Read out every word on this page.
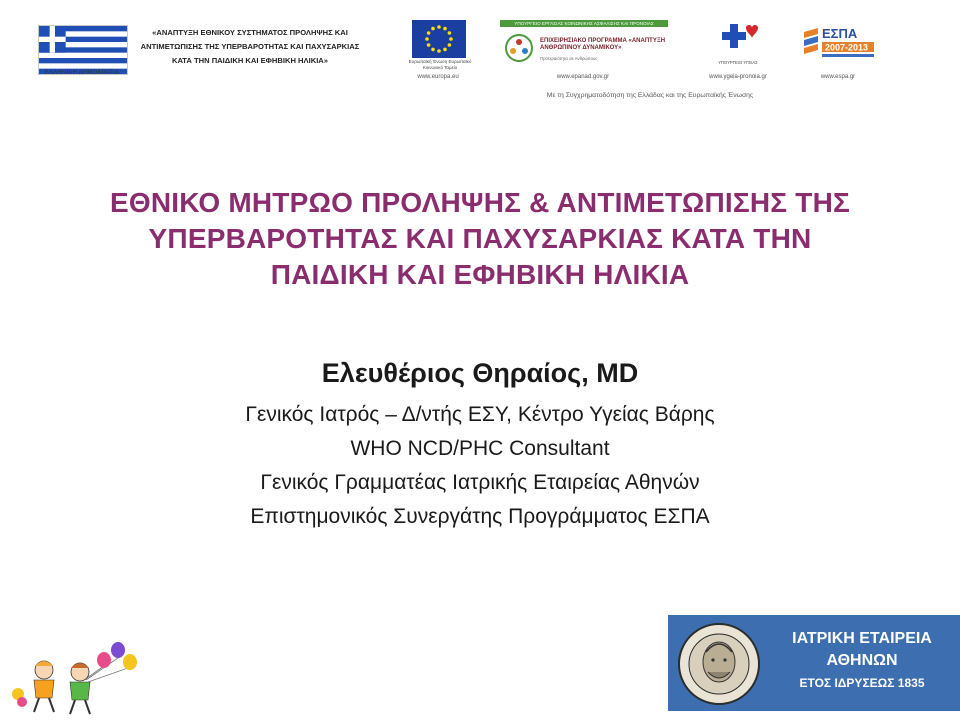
ΕΛΛΗΝΙΚΗ ΔΗΜΟΚΡΑΤΙΑ
«ΑΝΑΠΤΥΞΗ ΕΘΝΙΚΟΥ ΣΥΣΤΗΜΑΤΟΣ ΠΡΟΛΗΨΗΣ ΚΑΙ ΑΝΤΙΜΕΤΩΠΙΣΗΣ ΤΗΣ ΥΠΕΡΒΑΡΟΤΗΤΑΣ ΚΑΙ ΠΑΧΥΣΑΡΚΙΑΣ ΚΑΤΑ ΤΗΝ ΠΑΙΔΙΚΗ ΚΑΙ ΕΦΗΒΙΚΗ ΗΛΙΚΙΑ»	Ευρωπαϊκή Ένωση Ευρωπαϊκό Κοινωνικό Ταμείο
www.europa.eu
ΥΠΟΥΡΓΕΙΟ ΕΡΓΑΣΙΑΣ ΚΟΙΝΩΝΙΚΗΣ ΑΣΦΑΛΙΣΗΣ ΚΑΙ ΠΡΟΝΟΙΑΣ
ΕΠΙΧΕΙΡΗΣΙΑΚΟ ΠΡΟΓΡΑΜΜΑ «ΑΝΑΠΤΥΞΗ ΑΝΘΡΩΠΙΝΟΥ ΔΥΝΑΜΙΚΟΥ»
Προτεραιότητα σε Ανθρώπους
www.epanad.gov.gr
ΥΠΟΥΡΓΕΙΟ ΥΓΕΙΑΣ
www.ygeia-pronoia.gr
ΕΣΠΑ
2007-2013
www.espa.gr
Με τη Συγχρηματοδότηση της Ελλάδας και της Ευρωπαϊκής Ένωσης
ΕΘΝΙΚΟ ΜΗΤΡΩΟ ΠΡΟΛΗΨΗΣ & ΑΝΤΙΜΕΤΩΠΙΣΗΣ ΤΗΣ
ΥΠΕΡΒΑΡΟΤΗΤΑΣ ΚΑΙ ΠΑΧΥΣΑΡΚΙΑΣ ΚΑΤΑ ΤΗΝ
ΠΑΙΔΙΚΗ ΚΑΙ ΕΦΗΒΙΚΗ ΗΛΙΚΙΑ
Ελευθέριος Θηραίος, MD
Γενικός Ιατρός – Δ/ντής ΕΣΥ, Κέντρο Υγείας Βάρης
WHO NCD/PHC Consultant
Γενικός Γραμματέας Ιατρικής Εταιρείας Αθηνών
Επιστημονικός Συνεργάτης Προγράμματος ΕΣΠΑ
ΙΑΤΡΙΚΗ ΕΤΑΙΡΕΙΑ
ΑΘΗΝΩΝ
ΕΤΟΣ ΙΔΡΥΣΕΩΣ 1835
